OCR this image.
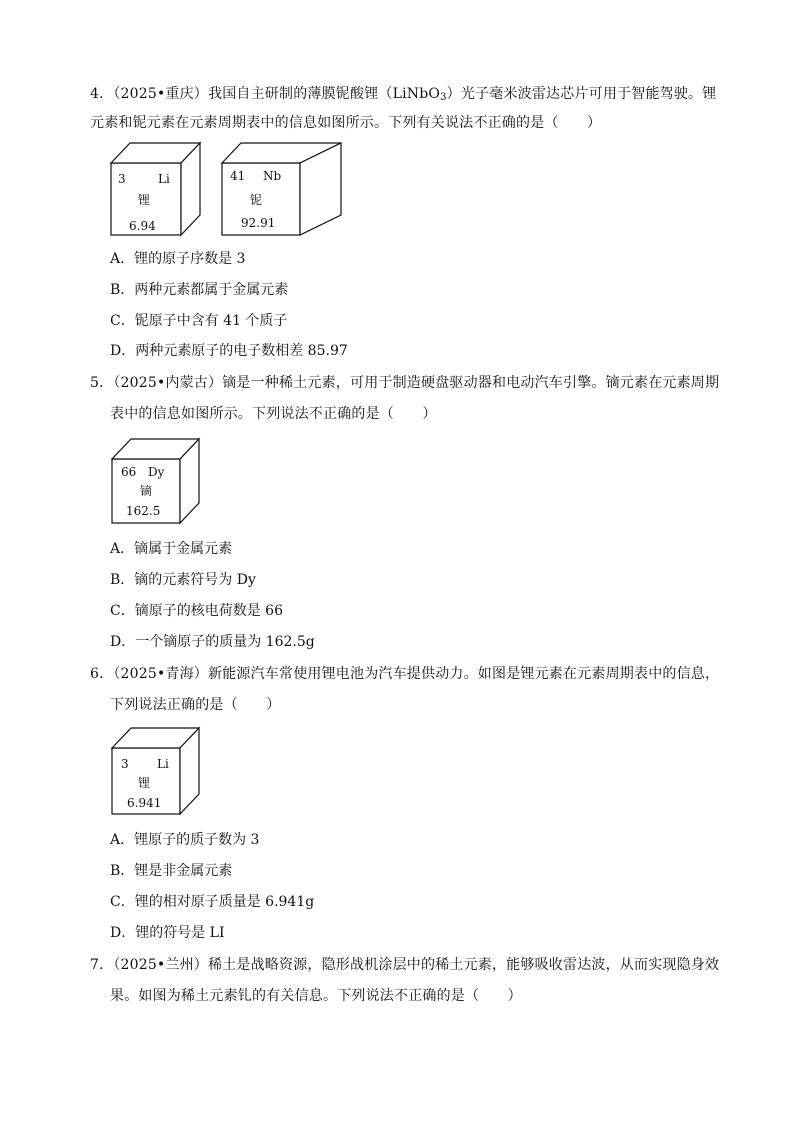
4．（2025•重庆）我国自主研制的薄膜铌酸锂（LiNbO$_3$）光子毫米波雷达芯片可用于智能驾驶。锂
元素和铌元素在元素周期表中的信息如图所示。下列有关说法不正确的是（　　）
3	Li
锂
6.94
41 Nb
铌
92.91
A．锂的原子序数是 3
B．两种元素都属于金属元素
C．铌原子中含有 41 个质子
D．两种元素原子的电子数相差 85.97
5．（2025•内蒙古）镝是一种稀土元素，可用于制造硬盘驱动器和电动汽车引擎。镝元素在元素周期
表中的信息如图所示。下列说法不正确的是（　　）
66 Dy
镝
162.5
A．镝属于金属元素
B．镝的元素符号为 Dy
C．镝原子的核电荷数是 66
D．一个镝原子的质量为 162.5g
6．（2025•青海）新能源汽车常使用锂电池为汽车提供动力。如图是锂元素在元素周期表中的信息，
下列说法正确的是（　　）
3 Li
锂
6.941
A．锂原子的质子数为 3
B．锂是非金属元素
C．锂的相对原子质量是 6.941g
D．锂的符号是 LI
7．（2025•兰州）稀土是战略资源，隐形战机涂层中的稀土元素，能够吸收雷达波，从而实现隐身效
果。如图为稀土元素钆的有关信息。下列说法不正确的是（　　）
